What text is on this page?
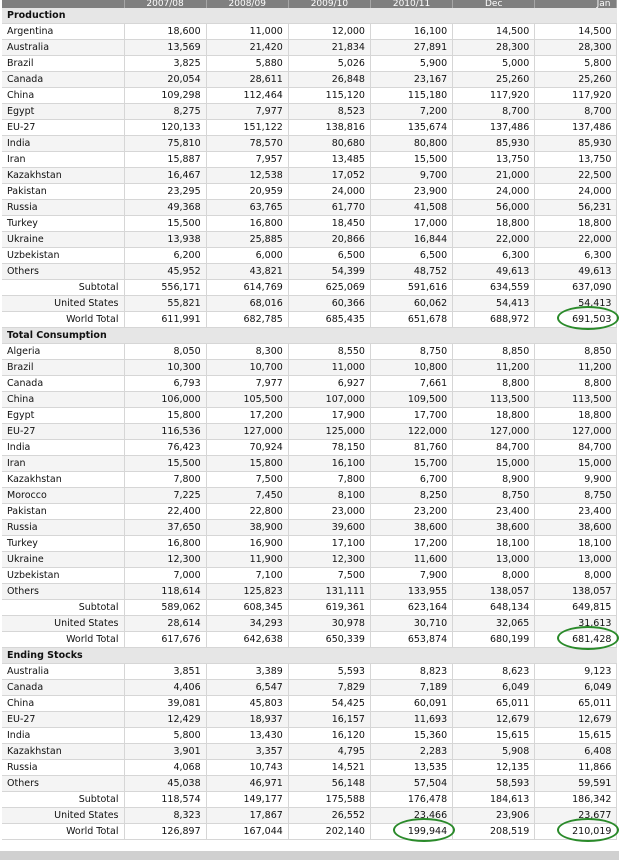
	2007/08	2008/09	2009/10	2010/11	Dec	Jan
Production						
Argentina	18,600	11,000	12,000	16,100	14,500	14,500
Australia	13,569	21,420	21,834	27,891	28,300	28,300
Brazil	3,825	5,880	5,026	5,900	5,000	5,800
Canada	20,054	28,611	26,848	23,167	25,260	25,260
China	109,298	112,464	115,120	115,180	117,920	117,920
Egypt	8,275	7,977	8,523	7,200	8,700	8,700
EU-27	120,133	151,122	138,816	135,674	137,486	137,486
India	75,810	78,570	80,680	80,800	85,930	85,930
Iran	15,887	7,957	13,485	15,500	13,750	13,750
Kazakhstan	16,467	12,538	17,052	9,700	21,000	22,500
Pakistan	23,295	20,959	24,000	23,900	24,000	24,000
Russia	49,368	63,765	61,770	41,508	56,000	56,231
Turkey	15,500	16,800	18,450	17,000	18,800	18,800
Ukraine	13,938	25,885	20,866	16,844	22,000	22,000
Uzbekistan	6,200	6,000	6,500	6,500	6,300	6,300
Others	45,952	43,821	54,399	48,752	49,613	49,613
Subtotal	556,171	614,769	625,069	591,616	634,559	637,090
United States	55,821	68,016	60,366	60,062	54,413	54,413
World Total	611,991	682,785	685,435	651,678	688,972	691,503

Total Consumption						
Algeria	8,050	8,300	8,550	8,750	8,850	8,850
Brazil	10,300	10,700	11,000	10,800	11,200	11,200
Canada	6,793	7,977	6,927	7,661	8,800	8,800
China	106,000	105,500	107,000	109,500	113,500	113,500
Egypt	15,800	17,200	17,900	17,700	18,800	18,800
EU-27	116,536	127,000	125,000	122,000	127,000	127,000
India	76,423	70,924	78,150	81,760	84,700	84,700
Iran	15,500	15,800	16,100	15,700	15,000	15,000
Kazakhstan	7,800	7,500	7,800	6,700	8,900	9,900
Morocco	7,225	7,450	8,100	8,250	8,750	8,750
Pakistan	22,400	22,800	23,000	23,200	23,400	23,400
Russia	37,650	38,900	39,600	38,600	38,600	38,600
Turkey	16,800	16,900	17,100	17,200	18,100	18,100
Ukraine	12,300	11,900	12,300	11,600	13,000	13,000
Uzbekistan	7,000	7,100	7,500	7,900	8,000	8,000
Others	118,614	125,823	131,111	133,955	138,057	138,057
Subtotal	589,062	608,345	619,361	623,164	648,134	649,815
United States	28,614	34,293	30,978	30,710	32,065	31,613
World Total	617,676	642,638	650,339	653,874	680,199	681,428

Ending Stocks						
Australia	3,851	3,389	5,593	8,823	8,623	9,123
Canada	4,406	6,547	7,829	7,189	6,049	6,049
China	39,081	45,803	54,425	60,091	65,011	65,011
EU-27	12,429	18,937	16,157	11,693	12,679	12,679
India	5,800	13,430	16,120	15,360	15,615	15,615
Kazakhstan	3,901	3,357	4,795	2,283	5,908	6,408
Russia	4,068	10,743	14,521	13,535	12,135	11,866
Others	45,038	46,971	56,148	57,504	58,593	59,591
Subtotal	118,574	149,177	175,588	176,478	184,613	186,342
United States	8,323	17,867	26,552	23,466	23,906	23,677
World Total	126,897	167,044	202,140	199,944	208,519	210,019
